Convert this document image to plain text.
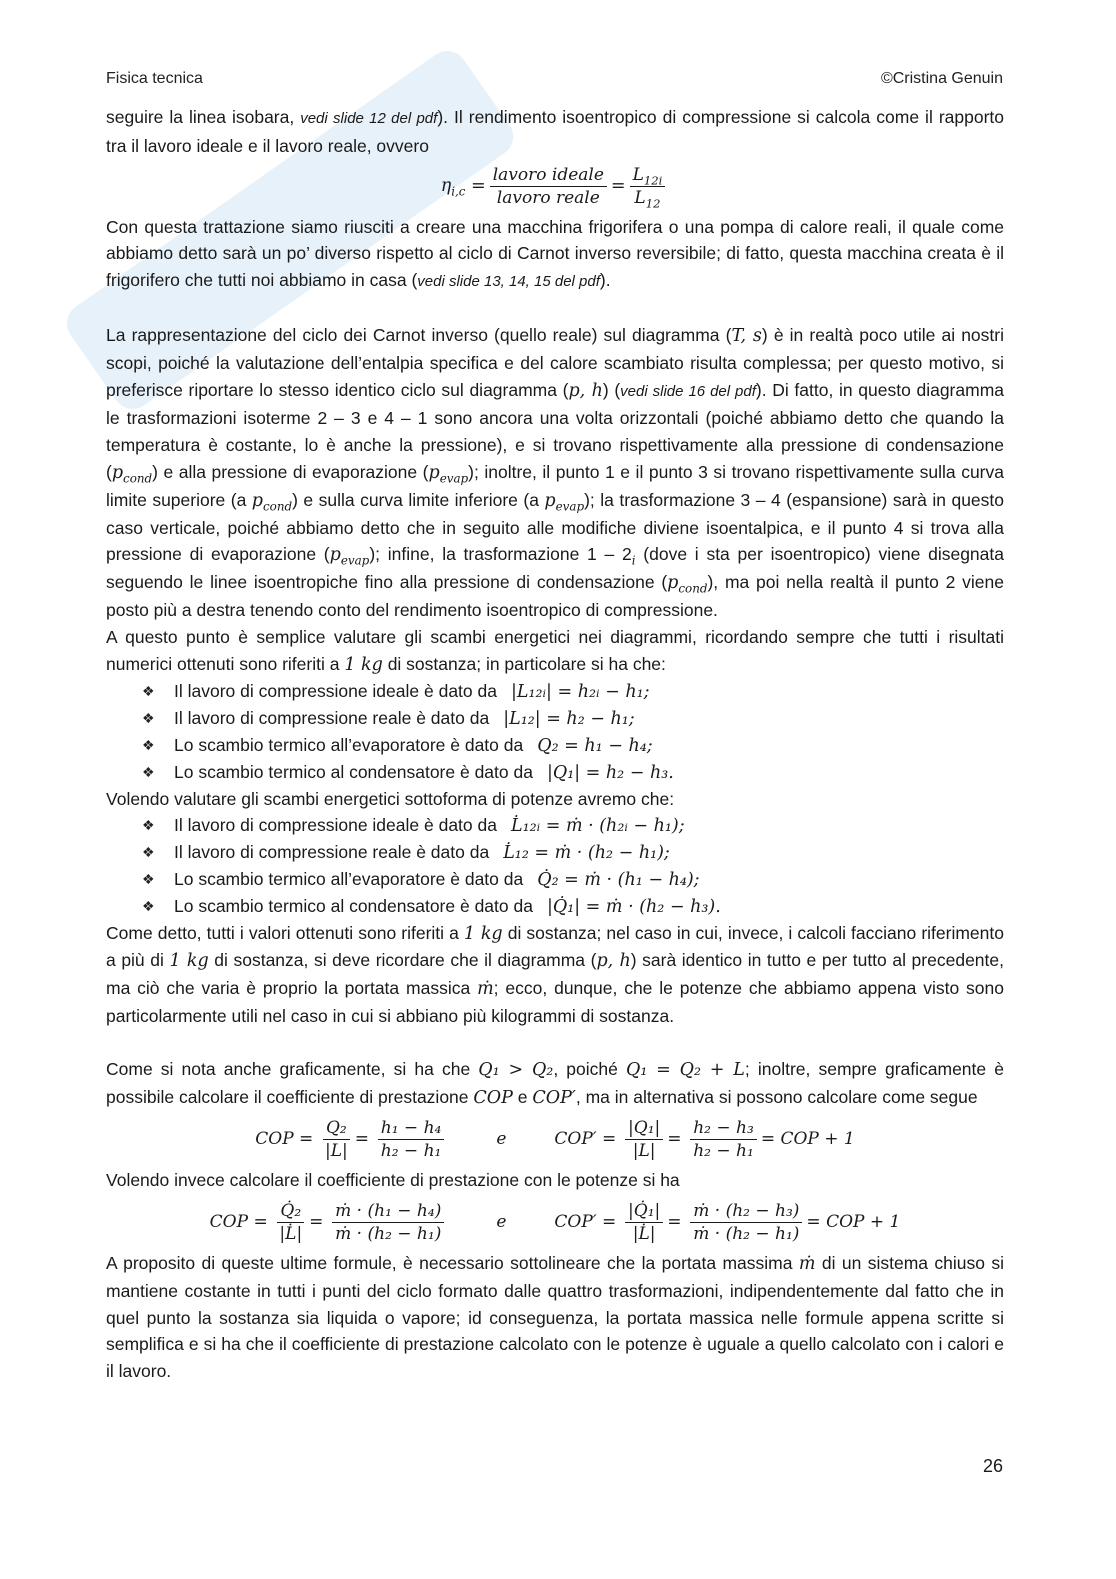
Fisica tecnica	©Cristina Genuin

seguire la linea isobara, vedi slide 12 del pdf). Il rendimento isoentropico di compressione si calcola come il rapporto tra il lavoro ideale e il lavoro reale, ovvero

$\eta_{i,c} = \frac{\text{lavoro ideale}}{\text{lavoro reale}} = \frac{L_{12i}}{L_{12}}$

Con questa trattazione siamo riusciti a creare una macchina frigorifera o una pompa di calore reali, il quale come abbiamo detto sarà un po’ diverso rispetto al ciclo di Carnot inverso reversibile; di fatto, questa macchina creata è il frigorifero che tutti noi abbiamo in casa (vedi slide 13, 14, 15 del pdf).

La rappresentazione del ciclo dei Carnot inverso (quello reale) sul diagramma (T, s) è in realtà poco utile ai nostri scopi, poiché la valutazione dell’entalpia specifica e del calore scambiato risulta complessa; per questo motivo, si preferisce riportare lo stesso identico ciclo sul diagramma (p, h) (vedi slide 16 del pdf). Di fatto, in questo diagramma le trasformazioni isoterme 2 – 3 e 4 – 1 sono ancora una volta orizzontali (poiché abbiamo detto che quando la temperatura è costante, lo è anche la pressione), e si trovano rispettivamente alla pressione di condensazione $(p_{cond})$ e alla pressione di evaporazione $(p_{evap})$; inoltre, il punto 1 e il punto 3 si trovano rispettivamente sulla curva limite superiore (a $p_{cond}$) e sulla curva limite inferiore (a $p_{evap}$); la trasformazione 3 – 4 (espansione) sarà in questo caso verticale, poiché abbiamo detto che in seguito alle modifiche diviene isoentalpica, e il punto 4 si trova alla pressione di evaporazione $(p_{evap})$; infine, la trasformazione $1 - 2_i$ (dove i sta per isoentropico) viene disegnata seguendo le linee isoentropiche fino alla pressione di condensazione $(p_{cond})$, ma poi nella realtà il punto 2 viene posto più a destra tenendo conto del rendimento isoentropico di compressione.

A questo punto è semplice valutare gli scambi energetici nei diagrammi, ricordando sempre che tutti i risultati numerici ottenuti sono riferiti a 1 kg di sostanza; in particolare si ha che:

❖ Il lavoro di compressione ideale è dato da |L₁₂ᵢ| = h₂ᵢ − h₁;
❖ Il lavoro di compressione reale è dato da |L₁₂| = h₂ − h₁;
❖ Lo scambio termico all’evaporatore è dato da Q₂ = h₁ − h₄;
❖ Lo scambio termico al condensatore è dato da |Q₁| = h₂ − h₃.

Volendo valutare gli scambi energetici sottoforma di potenze avremo che:

❖ Il lavoro di compressione ideale è dato da L̇₁₂ᵢ = ṁ · (h₂ᵢ − h₁);
❖ Il lavoro di compressione reale è dato da L̇₁₂ = ṁ · (h₂ − h₁);
❖ Lo scambio termico all’evaporatore è dato da Q̇₂ = ṁ · (h₁ − h₄);
❖ Lo scambio termico al condensatore è dato da |Q̇₁| = ṁ · (h₂ − h₃).

Come detto, tutti i valori ottenuti sono riferiti a 1 kg di sostanza; nel caso in cui, invece, i calcoli facciano riferimento a più di 1 kg di sostanza, si deve ricordare che il diagramma (p, h) sarà identico in tutto e per tutto al precedente, ma ciò che varia è proprio la portata massica ṁ; ecco, dunque, che le potenze che abbiamo appena visto sono particolarmente utili nel caso in cui si abbiano più kilogrammi di sostanza.

Come si nota anche graficamente, si ha che Q₁ > Q₂, poiché Q₁ = Q₂ + L; inoltre, sempre graficamente è possibile calcolare il coefficiente di prestazione COP e COP′, ma in alternativa si possono calcolare come segue

COP = $\frac{\text{Q₂}}{|L|} = \frac{\text{h₁ − h₄}}{\text{h₂ − h₁}}$	e	$COP' = \frac{\text{|Q₁|}}{|L|} = \frac{\text{h₂ − h₃}}{\text{h₂ − h₁}}$ = COP + 1

Volendo invece calcolare il coefficiente di prestazione con le potenze si ha

COP = $\frac{\text{Q̇₂}}{|L̇|} = \frac{\text{ṁ · (h₁ − h₄)}}{\text{ṁ · (h₂ − h₁)}}$	e	$COP' = \frac{\text{|Q̇₁|}}{|L̇|} = \frac{\text{ṁ · (h₂ − h₃)}}{\text{ṁ · (h₂ − h₁)}}$ = COP + 1

A proposito di queste ultime formule, è necessario sottolineare che la portata massima ṁ di un sistema chiuso si mantiene costante in tutti i punti del ciclo formato dalle quattro trasformazioni, indipendentemente dal fatto che in quel punto la sostanza sia liquida o vapore; id conseguenza, la portata massica nelle formule appena scritte si semplifica e si ha che il coefficiente di prestazione calcolato con le potenze è uguale a quello calcolato con i calori e il lavoro.

26
